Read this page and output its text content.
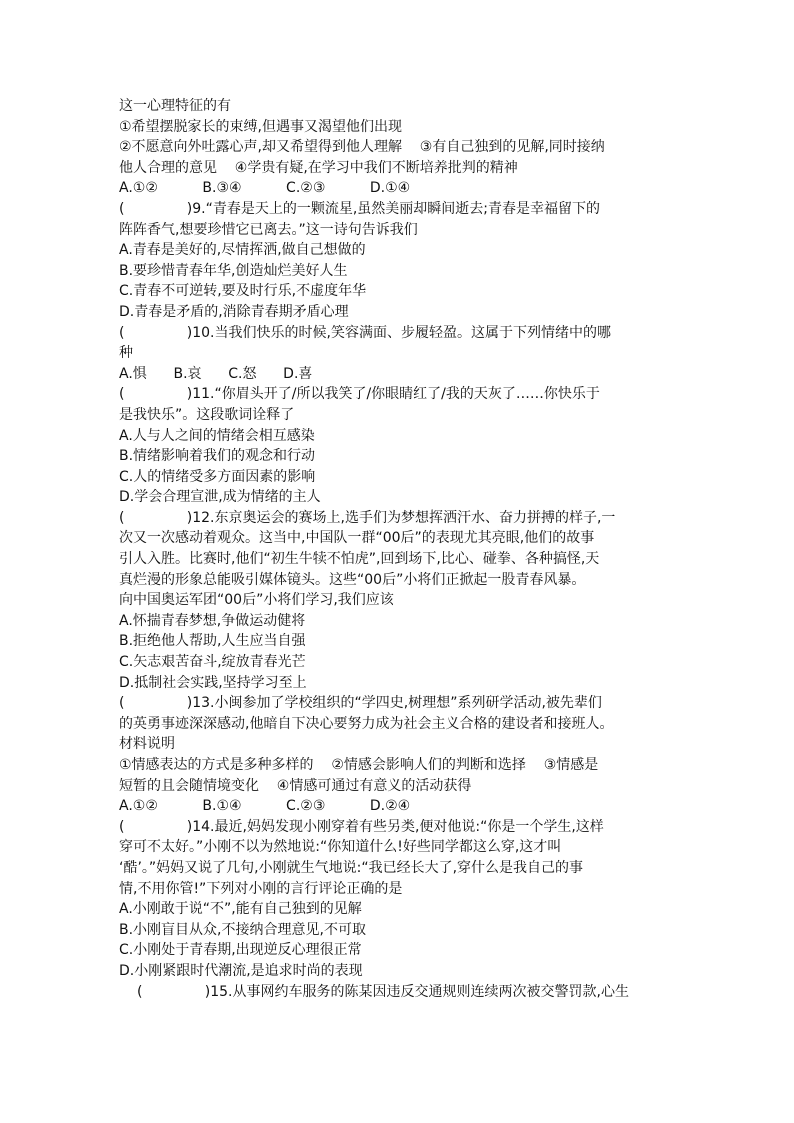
这一心理特征的有
①希望摆脱家长的束缚,但遇事又渴望他们出现
②不愿意向外吐露心声,却又希望得到他人理解    ③有自己独到的见解,同时接纳
他人合理的意见    ④学贵有疑,在学习中我们不断培养批判的精神
A.①②          B.③④          C.②③          D.①④
(              )9.“青春是天上的一颗流星,虽然美丽却瞬间逝去;青春是幸福留下的
阵阵香气,想要珍惜它已离去。”这一诗句告诉我们
A.青春是美好的,尽情挥洒,做自己想做的
B.要珍惜青春年华,创造灿烂美好人生
C.青春不可逆转,要及时行乐,不虚度年华
D.青春是矛盾的,消除青春期矛盾心理
(              )10.当我们快乐的时候,笑容满面、步履轻盈。这属于下列情绪中的哪
种
A.惧      B.哀      C.怒      D.喜
(              )11.“你眉头开了/所以我笑了/你眼睛红了/我的天灰了……你快乐于
是我快乐”。这段歌词诠释了
A.人与人之间的情绪会相互感染
B.情绪影响着我们的观念和行动
C.人的情绪受多方面因素的影响
D.学会合理宣泄,成为情绪的主人
(              )12.东京奥运会的赛场上,选手们为梦想挥洒汗水、奋力拼搏的样子,一
次又一次感动着观众。这当中,中国队一群“00后”的表现尤其亮眼,他们的故事
引人入胜。比赛时,他们“初生牛犊不怕虎”,回到场下,比心、碰拳、各种搞怪,天
真烂漫的形象总能吸引媒体镜头。这些“00后”小将们正掀起一股青春风暴。
向中国奥运军团“00后”小将们学习,我们应该
A.怀揣青春梦想,争做运动健将
B.拒绝他人帮助,人生应当自强
C.矢志艰苦奋斗,绽放青春光芒
D.抵制社会实践,坚持学习至上
(              )13.小闽参加了学校组织的“学四史,树理想”系列研学活动,被先辈们
的英勇事迹深深感动,他暗自下决心要努力成为社会主义合格的建设者和接班人。
材料说明
①情感表达的方式是多种多样的    ②情感会影响人们的判断和选择    ③情感是
短暂的且会随情境变化    ④情感可通过有意义的活动获得
A.①②          B.①④          C.②③          D.②④
(              )14.最近,妈妈发现小刚穿着有些另类,便对他说:“你是一个学生,这样
穿可不太好。”小刚不以为然地说:“你知道什么!好些同学都这么穿,这才叫
‘酷’。”妈妈又说了几句,小刚就生气地说:“我已经长大了,穿什么是我自己的事
情,不用你管!”下列对小刚的言行评论正确的是
A.小刚敢于说“不”,能有自己独到的见解
B.小刚盲目从众,不接纳合理意见,不可取
C.小刚处于青春期,出现逆反心理很正常
D.小刚紧跟时代潮流,是追求时尚的表现
(              )15.从事网约车服务的陈某因违反交通规则连续两次被交警罚款,心生
